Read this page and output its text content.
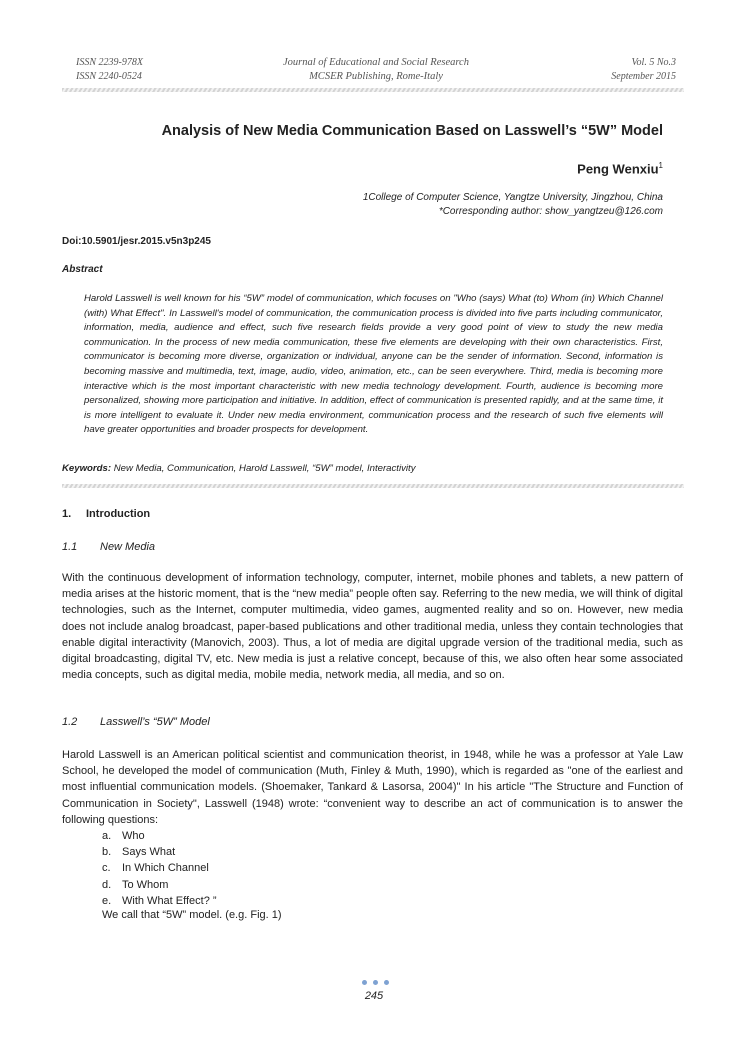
ISSN 2239-978X
ISSN 2240-0524
Journal of Educational and Social Research
MCSER Publishing, Rome-Italy
Vol. 5 No.3
September 2015
Analysis of New Media Communication Based on Lasswell’s “5W” Model
Peng Wenxiu$^1$
1College of Computer Science, Yangtze University, Jingzhou, China
*Corresponding author: show_yangtzeu@126.com
Doi:10.5901/jesr.2015.v5n3p245
Abstract
Harold Lasswell is well known for his “5W” model of communication, which focuses on "Who (says) What (to) Whom (in) Which Channel (with) What Effect". In Lasswell's model of communication, the communication process is divided into five parts including communicator, information, media, audience and effect, such five research fields provide a very good point of view to study the new media communication. In the process of new media communication, these five elements are developing with their own characteristics. First, communicator is becoming more diverse, organization or individual, anyone can be the sender of information. Second, information is becoming massive and multimedia, text, image, audio, video, animation, etc., can be seen everywhere. Third, media is becoming more interactive which is the most important characteristic with new media technology development. Fourth, audience is becoming more personalized, showing more participation and initiative. In addition, effect of communication is presented rapidly, and at the same time, it is more intelligent to evaluate it. Under new media environment, communication process and the research of such five elements will have greater opportunities and broader prospects for development.
Keywords: New Media, Communication, Harold Lasswell, “5W” model, Interactivity
1. Introduction
1.1 New Media
With the continuous development of information technology, computer, internet, mobile phones and tablets, a new pattern of media arises at the historic moment, that is the “new media” people often say. Referring to the new media, we will think of digital technologies, such as the Internet, computer multimedia, video games, augmented reality and so on. However, new media does not include analog broadcast, paper-based publications and other traditional media, unless they contain technologies that enable digital interactivity (Manovich, 2003). Thus, a lot of media are digital upgrade version of the traditional media, such as digital broadcasting, digital TV, etc. New media is just a relative concept, because of this, we also often hear some associated media concepts, such as digital media, mobile media, network media, all media, and so on.
1.2 Lasswell’s “5W” Model
Harold Lasswell is an American political scientist and communication theorist, in 1948, while he was a professor at Yale Law School, he developed the model of communication (Muth, Finley & Muth, 1990), which is regarded as "one of the earliest and most influential communication models. (Shoemaker, Tankard & Lasorsa, 2004)" In his article "The Structure and Function of Communication in Society", Lasswell (1948) wrote: “convenient way to describe an act of communication is to answer the following questions:
a. Who
b. Says What
c. In Which Channel
d. To Whom
e. With What Effect? ”
We call that “5W” model. (e.g. Fig. 1)
245
